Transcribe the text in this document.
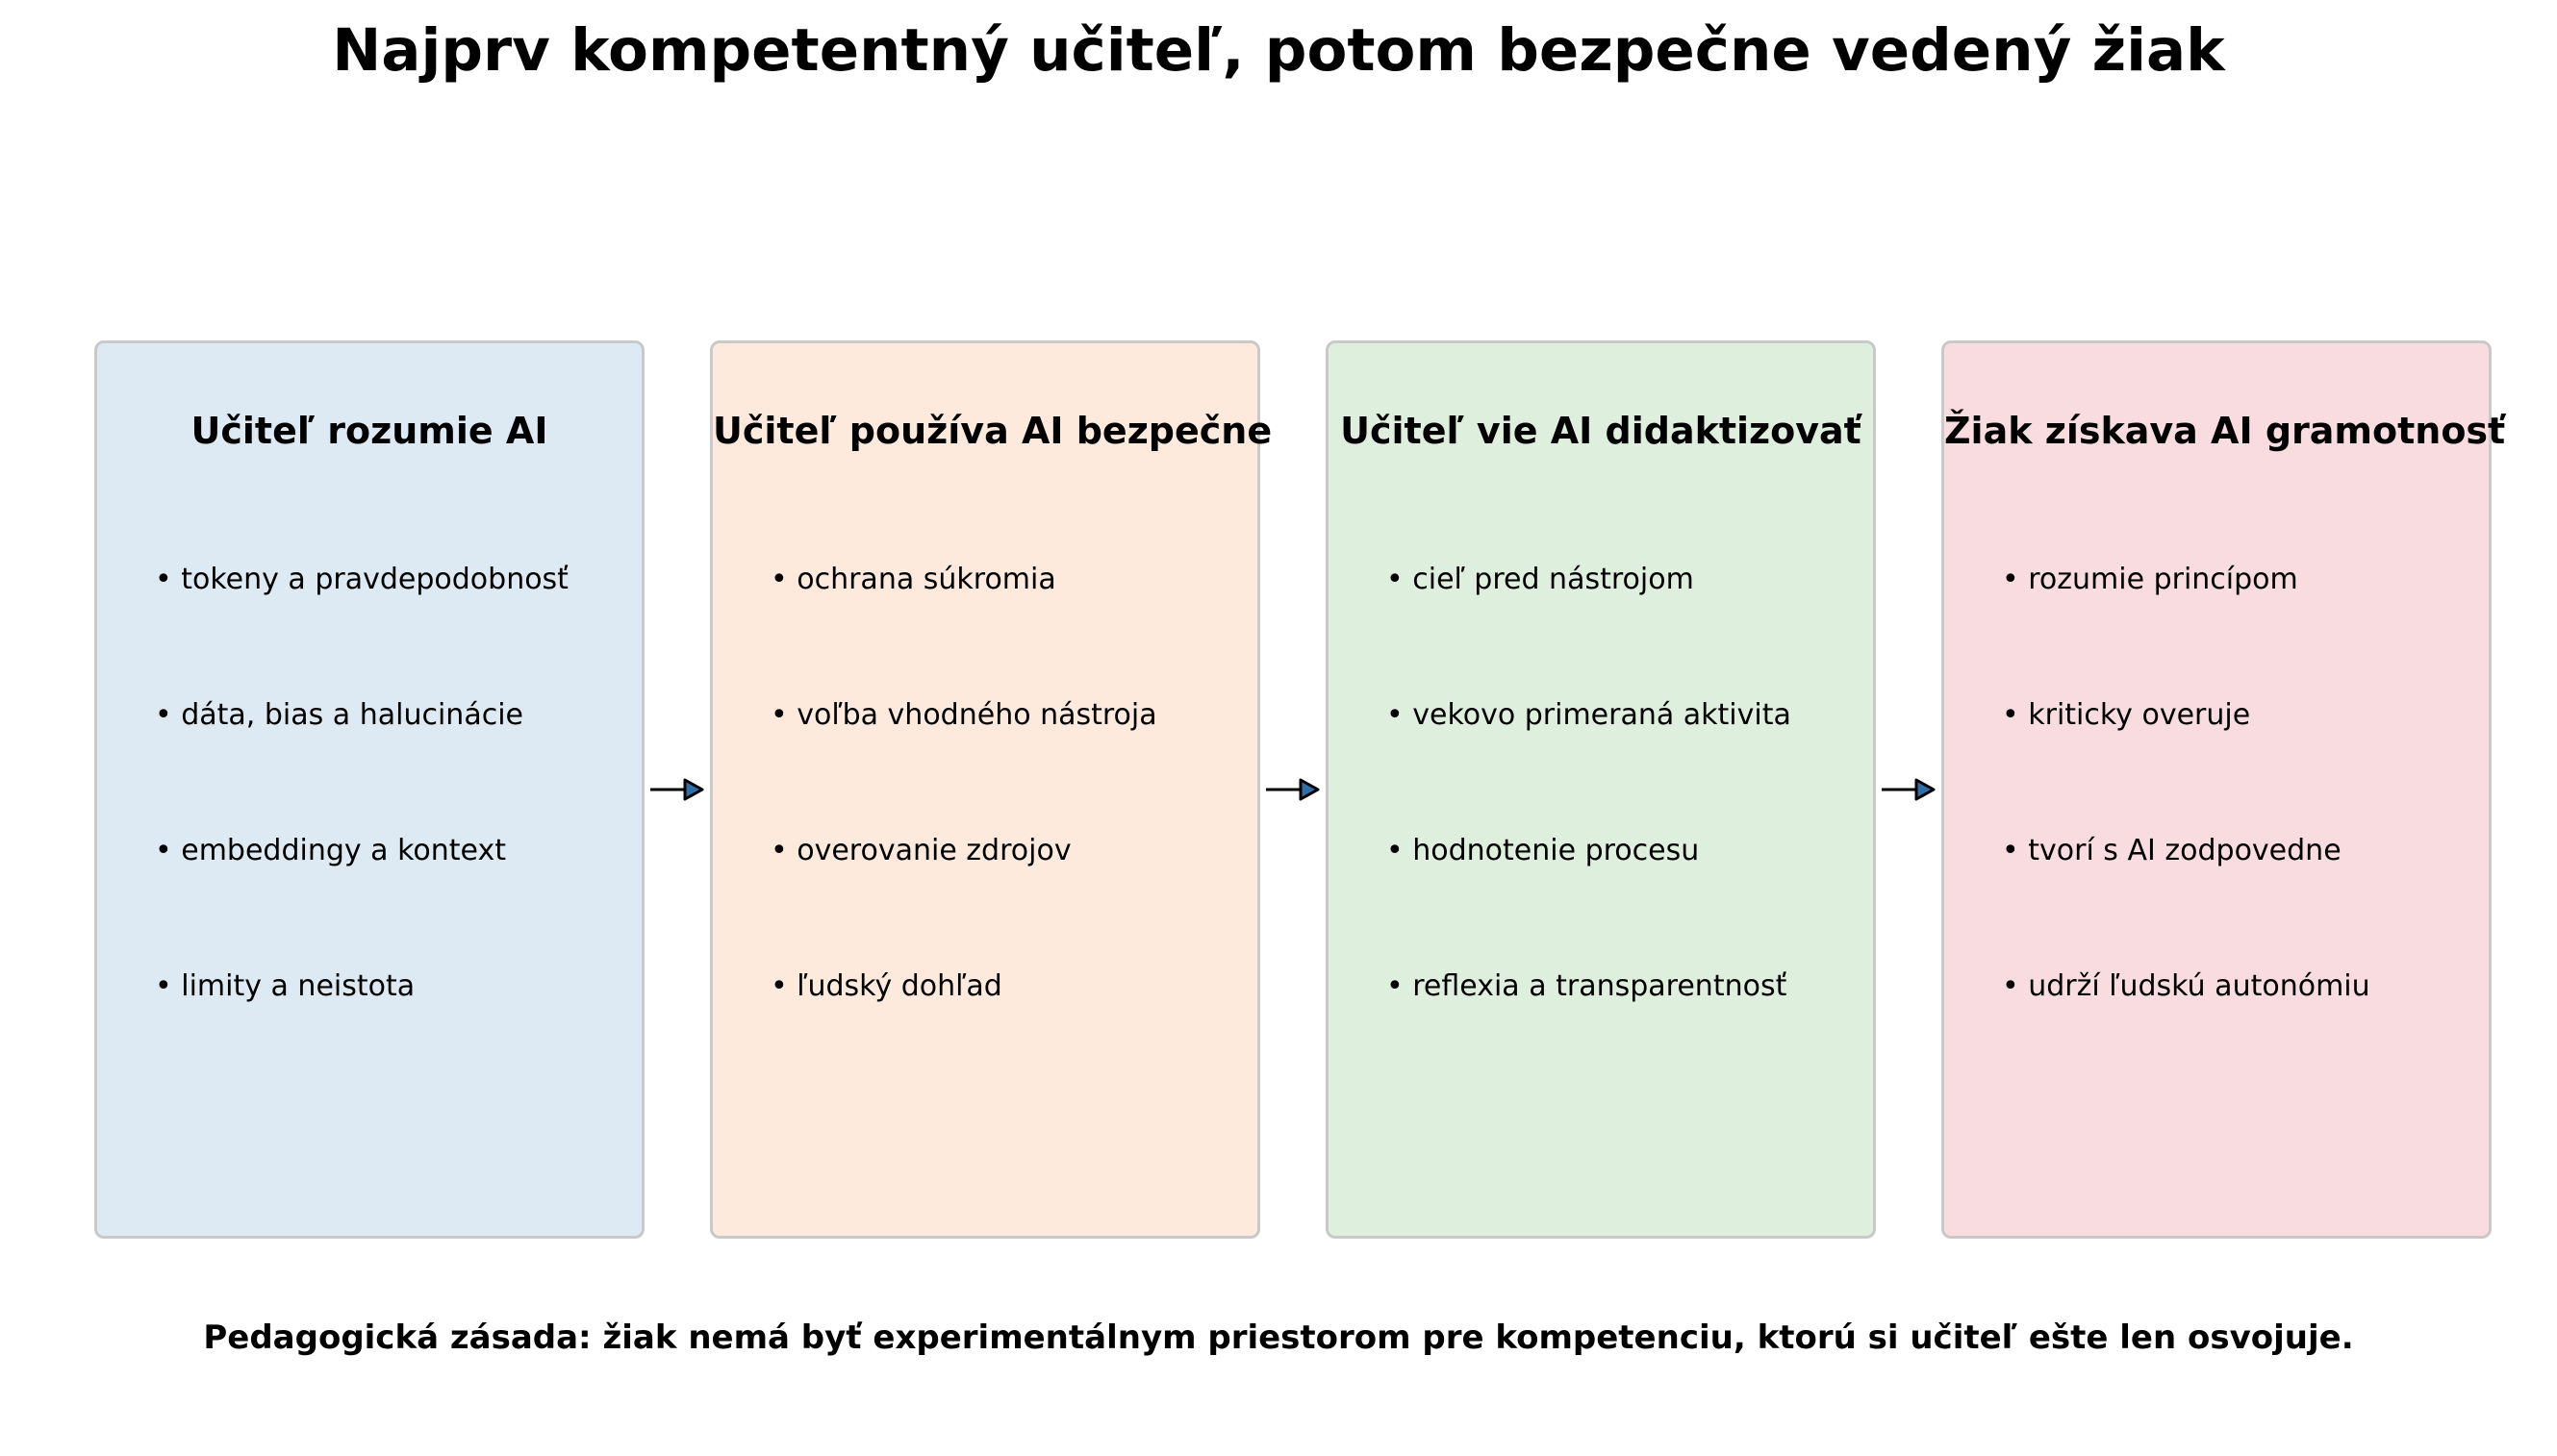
Najprv kompetentný učiteľ, potom bezpečne vedený žiak
Učiteľ rozumie AI
• tokeny a pravdepodobnosť
• dáta, bias a halucinácie
• embeddingy a kontext
• limity a neistota
Učiteľ používa AI bezpečne
• ochrana súkromia
• voľba vhodného nástroja
• overovanie zdrojov
• ľudský dohľad
Učiteľ vie AI didaktizovať
• cieľ pred nástrojom
• vekovo primeraná aktivita
• hodnotenie procesu
• reflexia a transparentnosť
Žiak získava AI gramotnosť
• rozumie princípom
• kriticky overuje
• tvorí s AI zodpovedne
• udrží ľudskú autonómiu
Pedagogická zásada: žiak nemá byť experimentálnym priestorom pre kompetenciu, ktorú si učiteľ ešte len osvojuje.
